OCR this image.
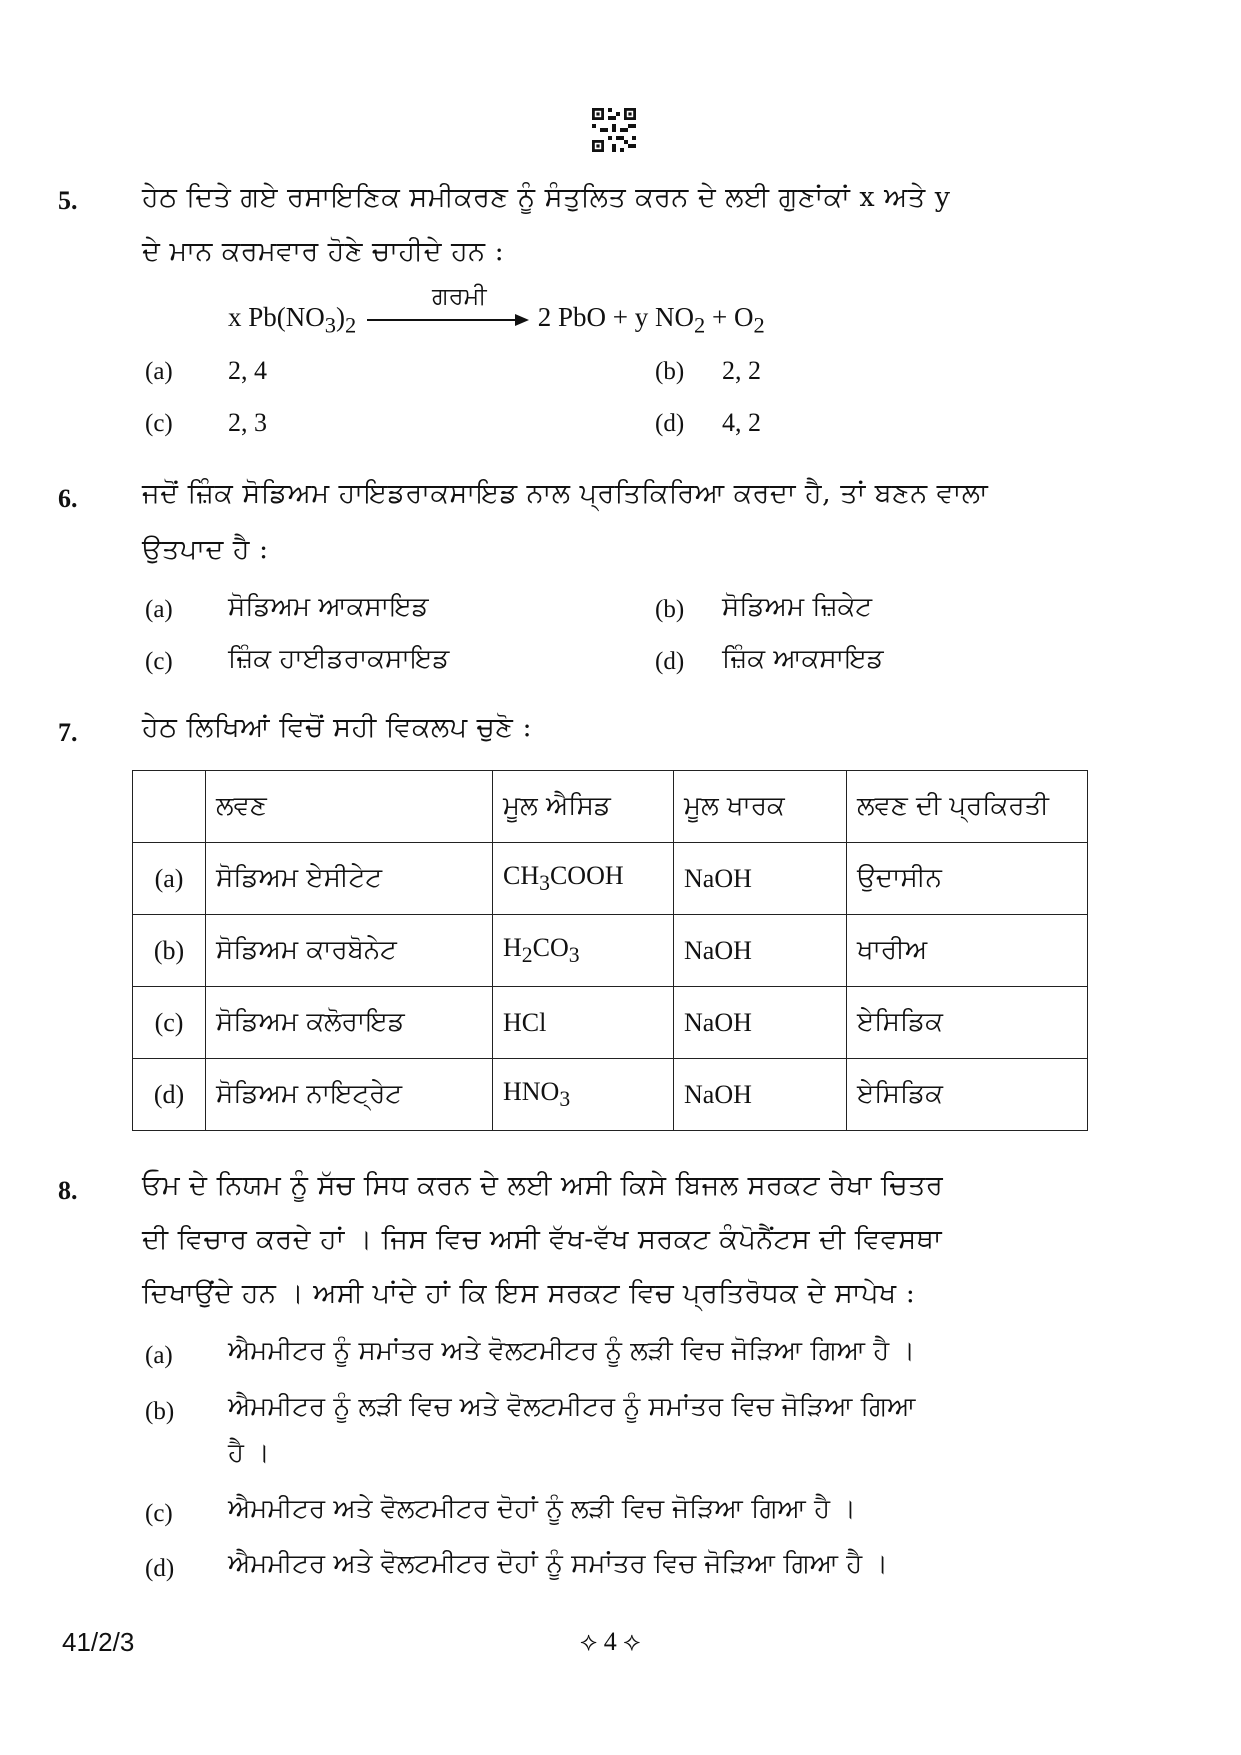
5. ਹੇਠ ਦਿਤੇ ਗਏ ਰਸਾਇਣਿਕ ਸਮੀਕਰਣ ਨੂੰ ਸੰਤੁਲਿਤ ਕਰਨ ਦੇ ਲਈ ਗੁਣਾਂਕਾਂ x ਅਤੇ y
ਦੇ ਮਾਨ ਕਰਮਵਾਰ ਹੋਣੇ ਚਾਹੀਦੇ ਹਨ :
ਗਰਮੀ
x $Pb(NO_3)_2$	2 PbO + y $NO_2 + O_2$
(a) 2, 4	(b) 2, 2
(c) 2, 3	(d) 4, 2
6. ਜਦੋਂ ਜ਼ਿੰਕ ਸੋਡਿਅਮ ਹਾਇਡਰਾਕਸਾਇਡ ਨਾਲ ਪ੍ਰਤਿਕਿਰਿਆ ਕਰਦਾ ਹੈ, ਤਾਂ ਬਣਨ ਵਾਲਾ
ਉਤਪਾਦ ਹੈ :
(a) ਸੋਡਿਅਮ ਆਕਸਾਇਡ	(b) ਸੋਡਿਅਮ ਜ਼ਿਕੇਟ
(c) ਜ਼ਿੰਕ ਹਾਈਡਰਾਕਸਾਇਡ	(d) ਜ਼ਿੰਕ ਆਕਸਾਇਡ
7. ਹੇਠ ਲਿਖਿਆਂ ਵਿਚੋਂ ਸਹੀ ਵਿਕਲਪ ਚੁਣੋ :
	ਲਵਣ	ਮੂਲ ਐਸਿਡ	ਮੂਲ ਖਾਰਕ	ਲਵਣ ਦੀ ਪ੍ਰਕਿਰਤੀ
(a)	ਸੋਡਿਅਮ ਏਸੀਟੇਟ	$CH_3COOH$	NaOH	ਉਦਾਸੀਨ
(b)	ਸੋਡਿਅਮ ਕਾਰਬੋਨੇਟ	$H_2CO_3$	NaOH	ਖਾਰੀਅ
(c)	ਸੋਡਿਅਮ ਕਲੋਰਾਇਡ	HCl	NaOH	ਏਸਿਡਿਕ
(d)	ਸੋਡਿਅਮ ਨਾਇਟ੍ਰੇਟ	$HNO_3$	NaOH	ਏਸਿਡਿਕ
8. ਓਮ ਦੇ ਨਿਯਮ ਨੂੰ ਸੱਚ ਸਿਧ ਕਰਨ ਦੇ ਲਈ ਅਸੀ ਕਿਸੇ ਬਿਜਲ ਸਰਕਟ ਰੇਖਾ ਚਿਤਰ
ਦੀ ਵਿਚਾਰ ਕਰਦੇ ਹਾਂ । ਜਿਸ ਵਿਚ ਅਸੀ ਵੱਖ-ਵੱਖ ਸਰਕਟ ਕੰਪੋਨੈਂਟਸ ਦੀ ਵਿਵਸਥਾ
ਦਿਖਾਉਂਦੇ ਹਨ । ਅਸੀ ਪਾਂਦੇ ਹਾਂ ਕਿ ਇਸ ਸਰਕਟ ਵਿਚ ਪ੍ਰਤਿਰੋਧਕ ਦੇ ਸਾਪੇਖ :
(a) ਐਮਮੀਟਰ ਨੂੰ ਸਮਾਂਤਰ ਅਤੇ ਵੋਲਟਮੀਟਰ ਨੂੰ ਲੜੀ ਵਿਚ ਜੋੜਿਆ ਗਿਆ ਹੈ ।
(b) ਐਮਮੀਟਰ ਨੂੰ ਲੜੀ ਵਿਚ ਅਤੇ ਵੋਲਟਮੀਟਰ ਨੂੰ ਸਮਾਂਤਰ ਵਿਚ ਜੋੜਿਆ ਗਿਆ
ਹੈ ।
(c) ਐਮਮੀਟਰ ਅਤੇ ਵੋਲਟਮੀਟਰ ਦੋਹਾਂ ਨੂੰ ਲੜੀ ਵਿਚ ਜੋੜਿਆ ਗਿਆ ਹੈ ।
(d) ਐਮਮੀਟਰ ਅਤੇ ਵੋਲਟਮੀਟਰ ਦੋਹਾਂ ਨੂੰ ਸਮਾਂਤਰ ਵਿਚ ਜੋੜਿਆ ਗਿਆ ਹੈ ।
41/2/3	⟡ 4 ⟡
